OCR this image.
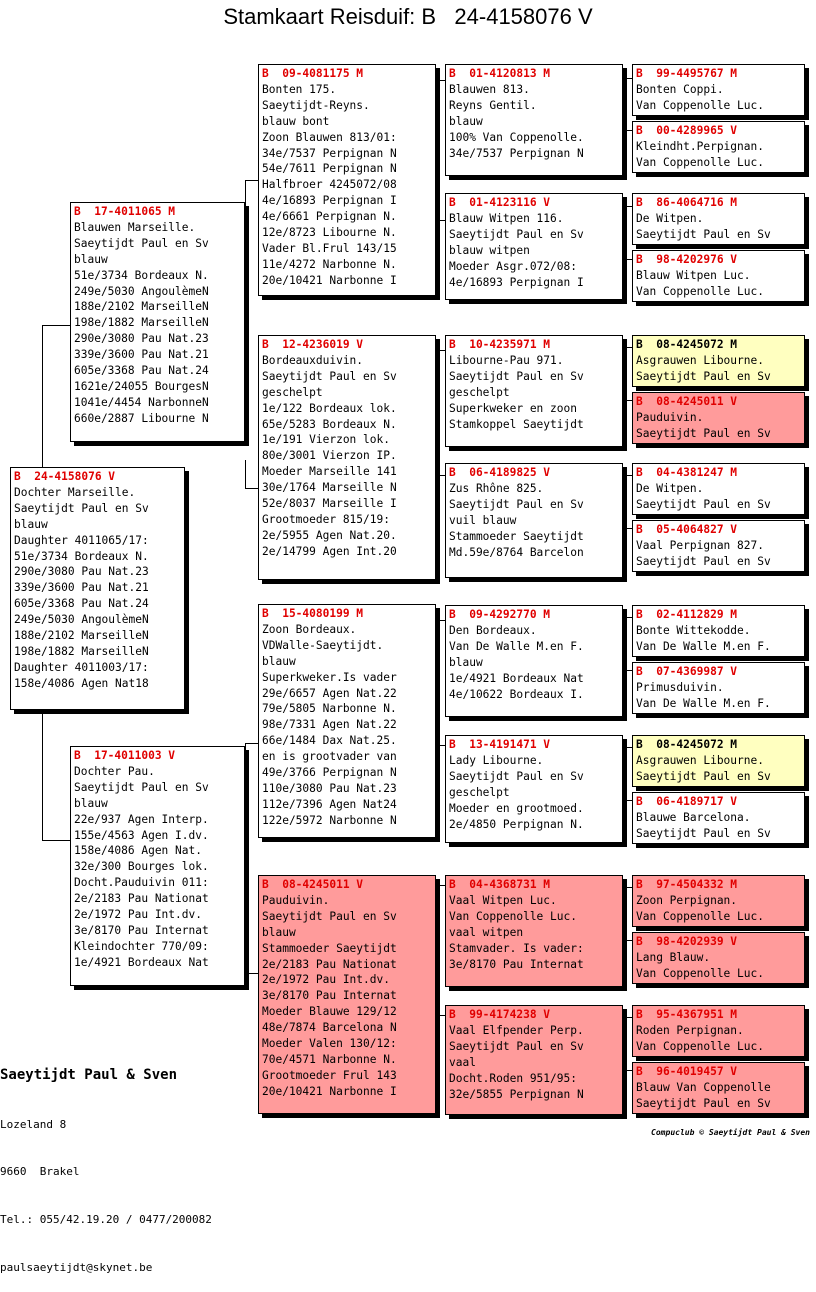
Stamkaart Reisduif: B   24-4158076 V
B  24-4158076 V
Dochter Marseille.
Saeytijdt Paul en Sv
blauw
Daughter 4011065/17:
51e/3734 Bordeaux N.
290e/3080 Pau Nat.23
339e/3600 Pau Nat.21
605e/3368 Pau Nat.24
249e/5030 AngoulèmeN
188e/2102 MarseilleN
198e/1882 MarseilleN
Daughter 4011003/17:
158e/4086 Agen Nat18
B  17-4011065 M
Blauwen Marseille.
Saeytijdt Paul en Sv
blauw
51e/3734 Bordeaux N.
249e/5030 AngoulèmeN
188e/2102 MarseilleN
198e/1882 MarseilleN
290e/3080 Pau Nat.23
339e/3600 Pau Nat.21
605e/3368 Pau Nat.24
1621e/24055 BourgesN
1041e/4454 NarbonneN
660e/2887 Libourne N
B  17-4011003 V
Dochter Pau.
Saeytijdt Paul en Sv
blauw
22e/937 Agen Interp.
155e/4563 Agen I.dv.
158e/4086 Agen Nat.
32e/300 Bourges lok.
Docht.Pauduivin 011:
2e/2183 Pau Nationat
2e/1972 Pau Int.dv.
3e/8170 Pau Internat
Kleindochter 770/09:
1e/4921 Bordeaux Nat
B  09-4081175 M
Bonten 175.
Saeytijdt-Reyns.
blauw bont
Zoon Blauwen 813/01:
34e/7537 Perpignan N
54e/7611 Perpignan N
Halfbroer 4245072/08
4e/16893 Perpignan I
4e/6661 Perpignan N.
12e/8723 Libourne N.
Vader Bl.Frul 143/15
11e/4272 Narbonne N.
20e/10421 Narbonne I
B  12-4236019 V
Bordeauxduivin.
Saeytijdt Paul en Sv
geschelpt
1e/122 Bordeaux lok.
65e/5283 Bordeaux N.
1e/191 Vierzon lok.
80e/3001 Vierzon IP.
Moeder Marseille 141
30e/1764 Marseille N
52e/8037 Marseille I
Grootmoeder 815/19:
2e/5955 Agen Nat.20.
2e/14799 Agen Int.20
B  15-4080199 M
Zoon Bordeaux.
VDWalle-Saeytijdt.
blauw
Superkweker.Is vader
29e/6657 Agen Nat.22
79e/5805 Narbonne N.
98e/7331 Agen Nat.22
66e/1484 Dax Nat.25.
en is grootvader van
49e/3766 Perpignan N
110e/3080 Pau Nat.23
112e/7396 Agen Nat24
122e/5972 Narbonne N
B  08-4245011 V
Pauduivin.
Saeytijdt Paul en Sv
blauw
Stammoeder Saeytijdt
2e/2183 Pau Nationat
2e/1972 Pau Int.dv.
3e/8170 Pau Internat
Moeder Blauwe 129/12
48e/7874 Barcelona N
Moeder Valen 130/12:
70e/4571 Narbonne N.
Grootmoeder Frul 143
20e/10421 Narbonne I
B  01-4120813 M
Blauwen 813.
Reyns Gentil.
blauw
100% Van Coppenolle.
34e/7537 Perpignan N
B  01-4123116 V
Blauw Witpen 116.
Saeytijdt Paul en Sv
blauw witpen
Moeder Asgr.072/08:
4e/16893 Perpignan I
B  10-4235971 M
Libourne-Pau 971.
Saeytijdt Paul en Sv
geschelpt
Superkweker en zoon
Stamkoppel Saeytijdt
B  06-4189825 V
Zus Rhône 825.
Saeytijdt Paul en Sv
vuil blauw
Stammoeder Saeytijdt
Md.59e/8764 Barcelon
B  09-4292770 M
Den Bordeaux.
Van De Walle M.en F.
blauw
1e/4921 Bordeaux Nat
4e/10622 Bordeaux I.
B  13-4191471 V
Lady Libourne.
Saeytijdt Paul en Sv
geschelpt
Moeder en grootmoed.
2e/4850 Perpignan N.
B  04-4368731 M
Vaal Witpen Luc.
Van Coppenolle Luc.
vaal witpen
Stamvader. Is vader:
3e/8170 Pau Internat
B  99-4174238 V
Vaal Elfpender Perp.
Saeytijdt Paul en Sv
vaal
Docht.Roden 951/95:
32e/5855 Perpignan N
B  99-4495767 M
Bonten Coppi.
Van Coppenolle Luc.
B  00-4289965 V
Kleindht.Perpignan.
Van Coppenolle Luc.
B  86-4064716 M
De Witpen.
Saeytijdt Paul en Sv
B  98-4202976 V
Blauw Witpen Luc.
Van Coppenolle Luc.
B  08-4245072 M
Asgrauwen Libourne.
Saeytijdt Paul en Sv
B  08-4245011 V
Pauduivin.
Saeytijdt Paul en Sv
B  04-4381247 M
De Witpen.
Saeytijdt Paul en Sv
B  05-4064827 V
Vaal Perpignan 827.
Saeytijdt Paul en Sv
B  02-4112829 M
Bonte Wittekodde.
Van De Walle M.en F.
B  07-4369987 V
Primusduivin.
Van De Walle M.en F.
B  08-4245072 M
Asgrauwen Libourne.
Saeytijdt Paul en Sv
B  06-4189717 V
Blauwe Barcelona.
Saeytijdt Paul en Sv
B  97-4504332 M
Zoon Perpignan.
Van Coppenolle Luc.
B  98-4202939 V
Lang Blauw.
Van Coppenolle Luc.
B  95-4367951 M
Roden Perpignan.
Van Coppenolle Luc.
B  96-4019457 V
Blauw Van Coppenolle
Saeytijdt Paul en Sv

Saeytijdt Paul & Sven

Lozeland 8

9660  Brakel

Tel.: 055/42.19.20 / 0477/200082

paulsaeytijdt@skynet.be

Compuclub © Saeytijdt Paul & Sven
